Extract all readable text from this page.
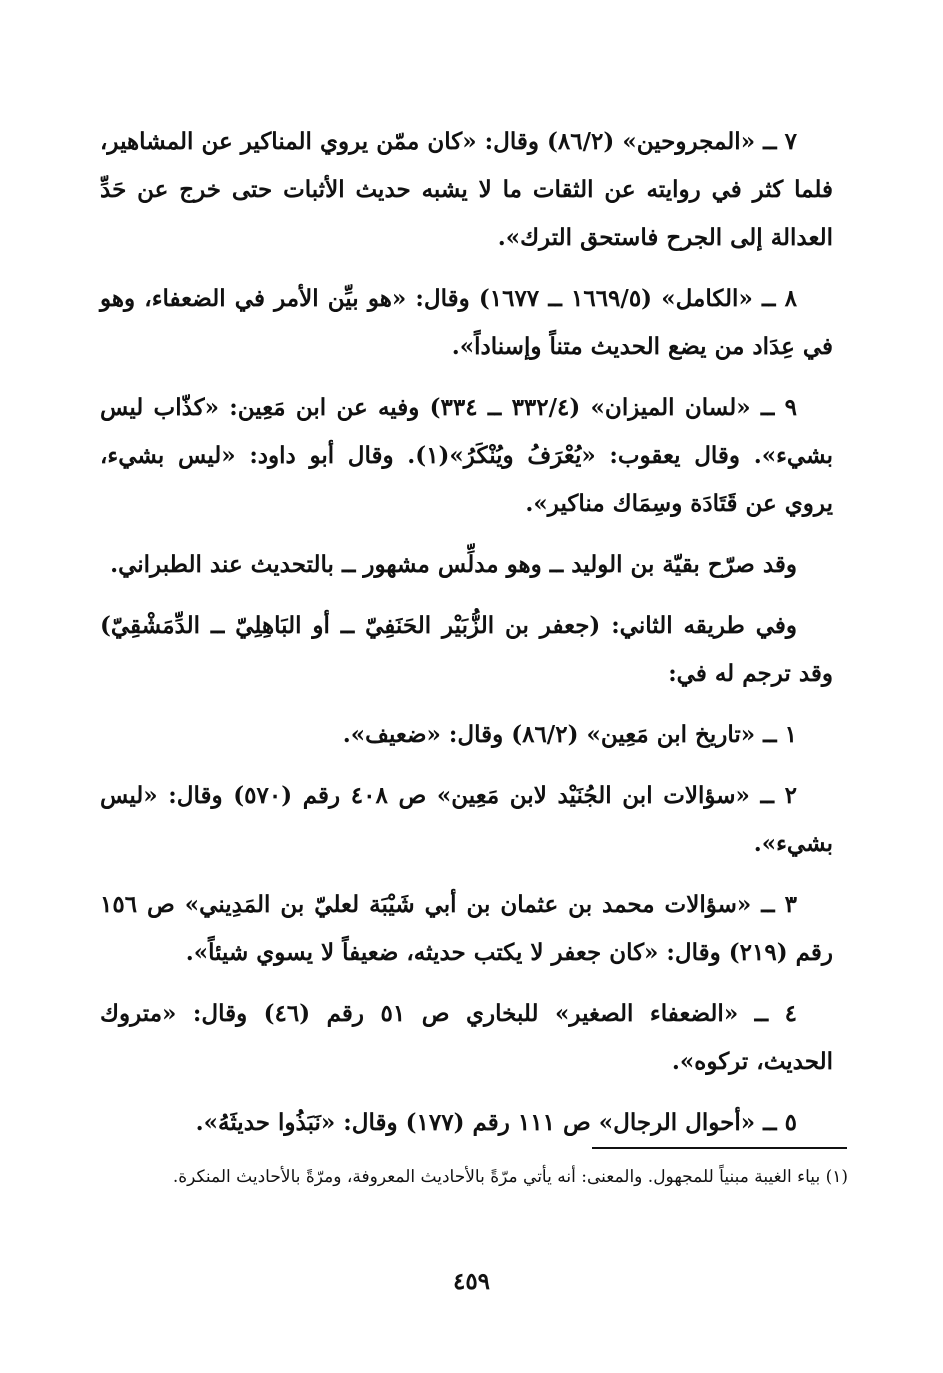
٧ ــ «المجروحين» (٨٦/٢) وقال: «كان ممّن يروي المناكير عن المشاهير، فلما كثر في روايته عن الثقات ما لا يشبه حديث الأثبات حتى خرج عن حَدِّ العدالة إلى الجرح فاستحق الترك».

٨ ــ «الكامل» (١٦٦٩/٥ ــ ١٦٧٧) وقال: «هو بيِّن الأمر في الضعفاء، وهو في عِدَاد من يضع الحديث متناً وإسناداً».

٩ ــ «لسان الميزان» (٣٣٢/٤ ــ ٣٣٤) وفيه عن ابن مَعِين: «كذّاب ليس بشيء». وقال يعقوب: «يُعْرَفُ ويُنْكَرُ»(١). وقال أبو داود: «ليس بشيء، يروي عن قَتَادَة وسِمَاك مناكير».

وقد صرّح بقيّة بن الوليد ــ وهو مدلِّس مشهور ــ بالتحديث عند الطبراني.

وفي طريقه الثاني: (جعفر بن الزُّبَيْر الحَنَفِيّ ــ أو البَاهِلِيّ ــ الدِّمَشْقِيّ) وقد ترجم له في:

١ ــ «تاريخ ابن مَعِين» (٨٦/٢) وقال: «ضعيف».

٢ ــ «سؤالات ابن الجُنَيْد لابن مَعِين» ص ٤٠٨ رقم (٥٧٠) وقال: «ليس بشيء».

٣ ــ «سؤالات محمد بن عثمان بن أبي شَيْبَة لعليّ بن المَدِيني» ص ١٥٦ رقم (٢١٩) وقال: «كان جعفر لا يكتب حديثه، ضعيفاً لا يسوي شيئاً».

٤ ــ «الضعفاء الصغير» للبخاري ص ٥١ رقم (٤٦) وقال: «متروك الحديث، تركوه».

٥ ــ «أحوال الرجال» ص ١١١ رقم (١٧٧) وقال: «نَبَذُوا حديثَهُ».

(١) بياء الغيبة مبنياً للمجهول. والمعنى: أنه يأتي مرّةً بالأحاديث المعروفة، ومرّةً بالأحاديث المنكرة.

٤٥٩
